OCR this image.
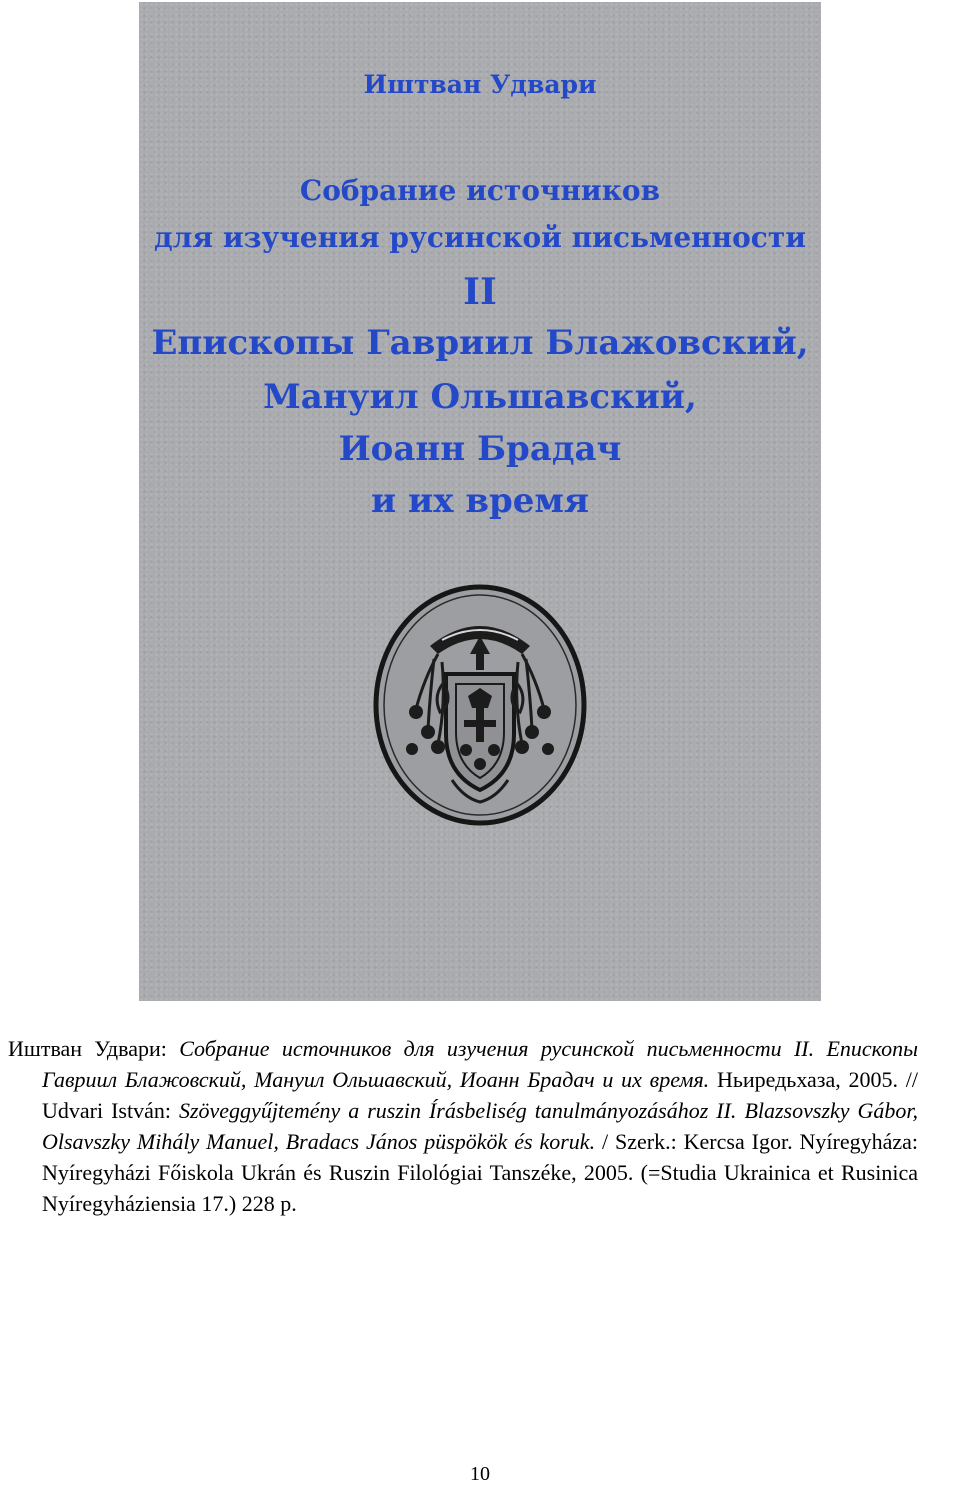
Иштван Удвари
Собрание источников
для изучения русинской письменности
II
Епископы Гавриил Блажовский,
Мануил Ольшавский,
Иоанн Брадач
и их время
Иштван Удвари: Собрание источников для изучения русинской письменности II. Епископы Гавриил Блажовский, Мануил Ольшавский, Иоанн Брадач и их время. Ньиредьхаза, 2005. // Udvari István: Szöveggyűjtemény a ruszin Írásbeliség tanulmányozásához II. Blazsovszky Gábor, Olsavszky Mihály Manuel, Bradacs János püspökök és koruk. / Szerk.: Kercsa Igor. Nyíregyháza: Nyíregyházi Főiskola Ukrán és Ruszin Filológiai Tanszéke, 2005. (=Studia Ukrainica et Rusinica Nyíregyháziensia 17.) 228 p.
10
